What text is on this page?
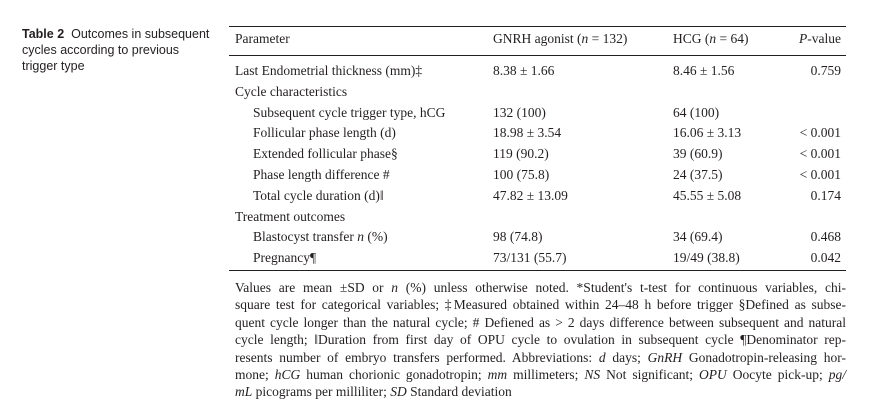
Table 2 Outcomes in subsequent cycles according to previous trigger type
Parameter	GNRH agonist (n = 132)	HCG (n = 64)	P-value
Last Endometrial thickness (mm)‡	8.38 ± 1.66	8.46 ± 1.56	0.759
Cycle characteristics
Subsequent cycle trigger type, hCG	132 (100)	64 (100)
Follicular phase length (d)	18.98 ± 3.54	16.06 ± 3.13	< 0.001
Extended follicular phase§	119 (90.2)	39 (60.9)	< 0.001
Phase length difference #	100 (75.8)	24 (37.5)	< 0.001
Total cycle duration (d)‖	47.82 ± 13.09	45.55 ± 5.08	0.174
Treatment outcomes
Blastocyst transfer n (%)	98 (74.8)	34 (69.4)	0.468
Pregnancy¶	73/131 (55.7)	19/49 (38.8)	0.042
Values are mean ±SD or n (%) unless otherwise noted. *Student's t-test for continuous variables, chi-
square test for categorical variables; ‡Measured obtained within 24–48 h before trigger §Defined as subse-
quent cycle longer than the natural cycle; # Defiened as > 2 days difference between subsequent and natural
cycle length; ‖Duration from first day of OPU cycle to ovulation in subsequent cycle ¶Denominator rep-
resents number of embryo transfers performed. Abbreviations: d days; GnRH Gonadotropin-releasing hor-
mone; hCG human chorionic gonadotropin; mm millimeters; NS Not significant; OPU Oocyte pick-up; pg/
mL picograms per milliliter; SD Standard deviation
